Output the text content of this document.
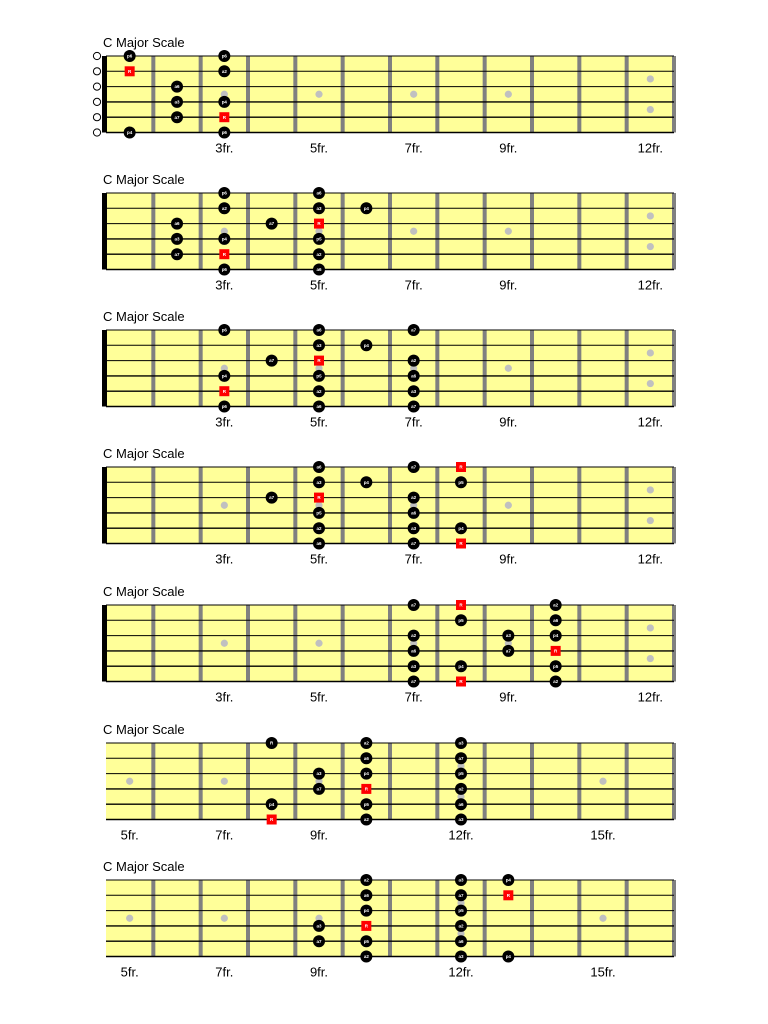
C Major Scale
p6	p6
R	a2
a6
a3	p4
a7	R
p4	p6
3fr.	5fr.	7fr.	9fr.	12fr.
C Major Scale
p6	a6
a2	a3	p4
a6	a7	R
a3	p4	p5
a7	R	a2
p6	a6
3fr.	5fr.	7fr.	9fr.	12fr.
C Major Scale
p6	a6	a7
a3	p4
a7	R	a2
p4	p5	a6
R	a2	a3
p6	a6	a7
3fr.	5fr.	7fr.	9fr.	12fr.
C Major Scale
a6	a7	R
a3	p4	p5
a7	R	a2
p5	a6
a2	a3	p4
a6	a7	R
3fr.	5fr.	7fr.	9fr.	12fr.
C Major Scale
a7	R	a2
p5	a6
a2	a3	p4
a6	a7	R
a3	p4	p5
a7	R	a2
3fr.	5fr.	7fr.	9fr.	12fr.
C Major Scale
R	a2	a3
a6	a7
a3	p4	p5
a7	R	a2
p4	p5	a6
R	a2	a3
5fr.	7fr.	9fr.	12fr.	15fr.
C Major Scale
a2	a3	p4
a6	a7	R
p4	p5
a3	R	a2
a7	p5	a6
a2	a3	p4
5fr.	7fr.	9fr.	12fr.	15fr.
